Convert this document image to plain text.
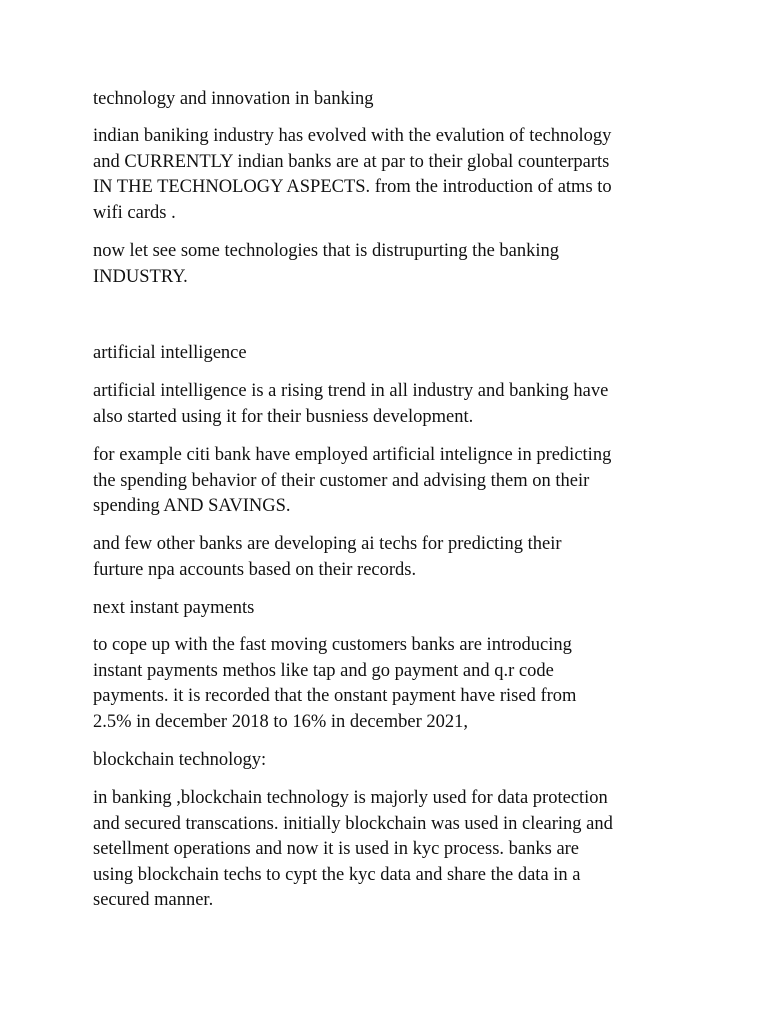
technology and innovation in banking

indian baniking industry has evolved with the evalution of technology
and CURRENTLY indian banks are at par to their global counterparts
IN THE TECHNOLOGY ASPECTS. from the introduction of atms to
wifi cards .

now let see some technologies that is distrupurting the banking
INDUSTRY.

artificial intelligence

artificial intelligence is a rising trend in all industry and banking have
also started using it for their busniess development.

for example citi bank have employed artificial intelignce in predicting
the spending behavior of their customer and advising them on their
spending AND SAVINGS.

and few other banks are developing ai techs for predicting their
furture npa accounts based on their records.

next instant payments

to cope up with the fast moving customers banks are introducing
instant payments methos like tap and go payment and q.r code
payments. it is recorded that the onstant payment have rised from
2.5% in december 2018 to 16% in december 2021,

blockchain technology:

in banking ,blockchain technology is majorly used for data protection
and secured transcations. initially blockchain was used in clearing and
setellment operations and now it is used in kyc process. banks are
using blockchain techs to cypt the kyc data and share the data in a
secured manner.
